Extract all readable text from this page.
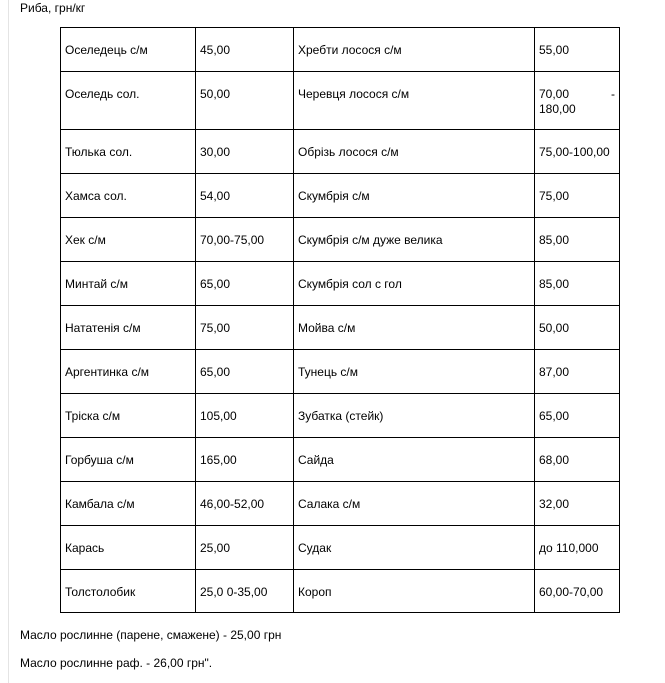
Риба, грн/кг
Оселедець с/м	45,00	Хребти лосося с/м	55,00

Оселедь сол.	50,00	Черевця лосося с/м	70,00 -
180,00

Тюлька сол.	30,00	Обрізь лосося с/м	75,00-100,00

Хамса сол.	54,00	Скумбрія с/м	75,00

Хек с/м	70,00-75,00	Скумбрія с/м дуже велика	85,00

Минтай с/м	65,00	Скумбрія сол с гол	85,00

Нататенія с/м	75,00	Мойва с/м	50,00

Аргентинка с/м	65,00	Тунець с/м	87,00

Тріска с/м	105,00	Зубатка (стейк)	65,00

Горбуша с/м	165,00	Сайда	68,00

Камбала с/м	46,00-52,00	Салака с/м	32,00

Карась	25,00	Судак	до 110,000

Толстолобик	25,0 0-35,00	Короп	60,00-70,00
Масло рослинне (парене, смажене) - 25,00 грн
Масло рослинне раф. - 26,00 грн".
